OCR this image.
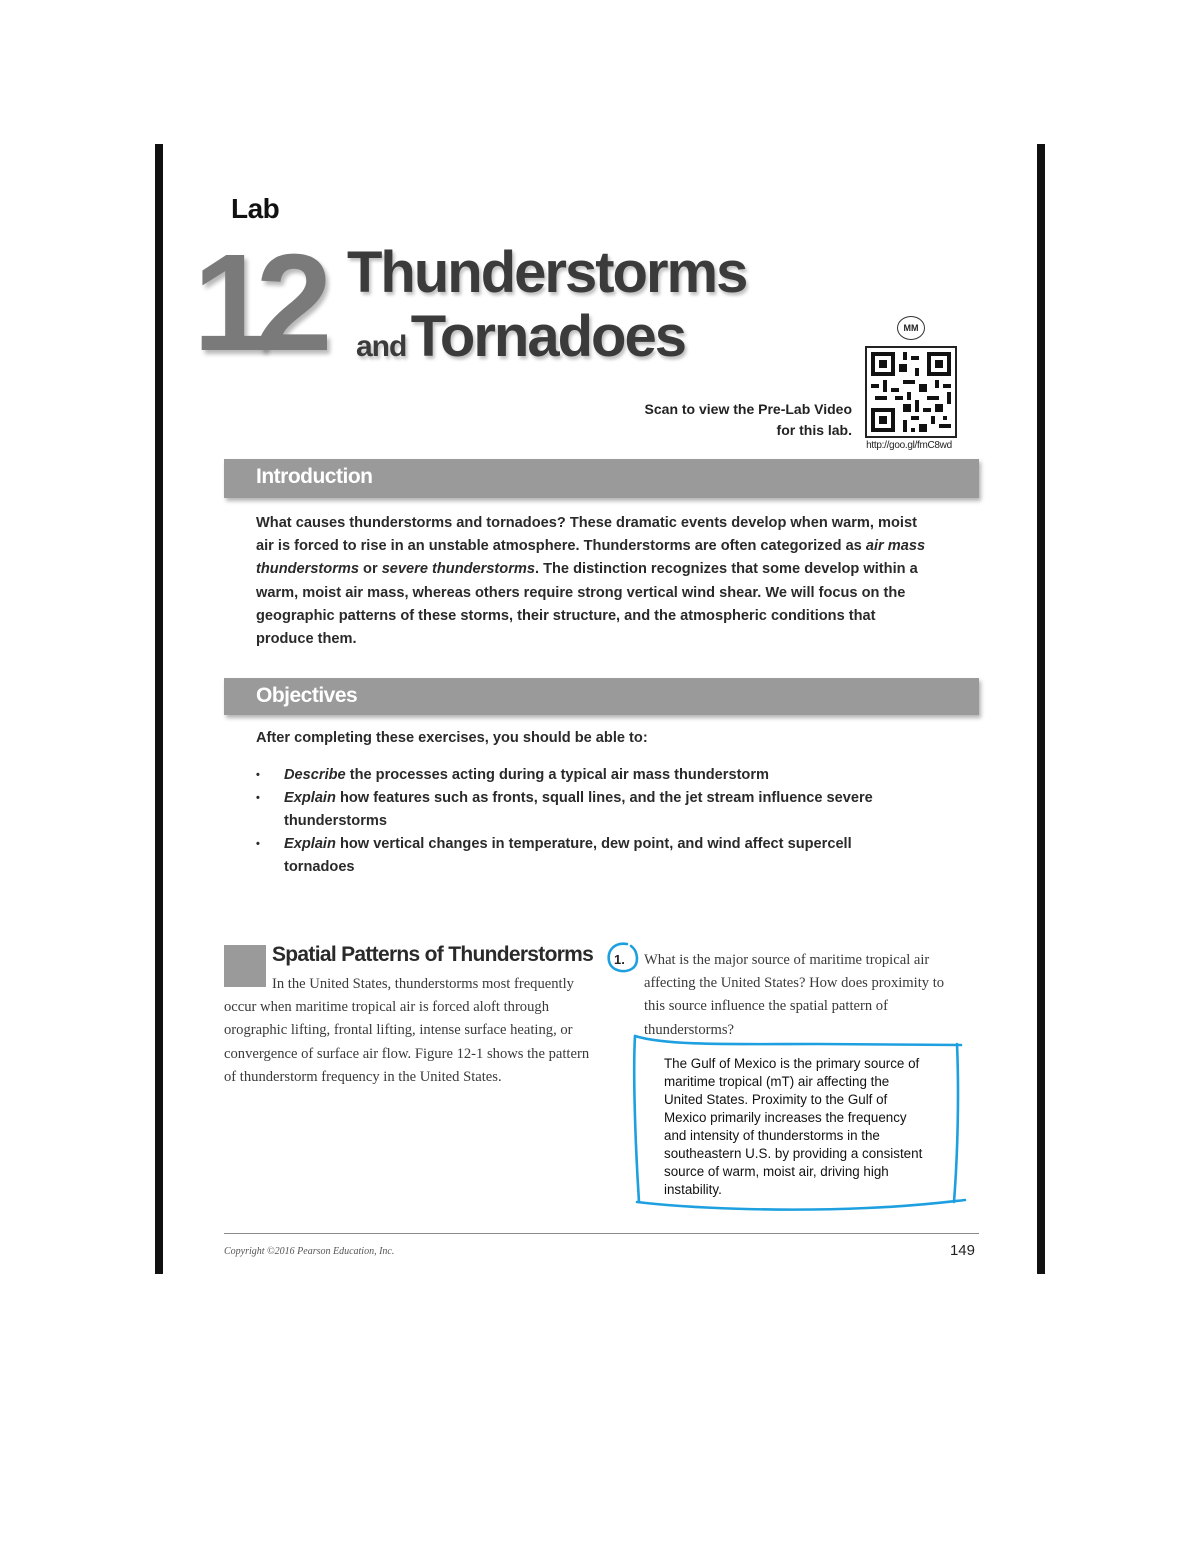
Lab
12 Thunderstorms
and Tornadoes	MM
http://goo.gl/fmC8wd
Scan to view the Pre-Lab Video
for this lab.
Introduction
What causes thunderstorms and tornadoes? These dramatic events develop when warm, moist air is forced to rise in an unstable atmosphere. Thunderstorms are often categorized as air mass thunderstorms or severe thunderstorms. The distinction recognizes that some develop within a warm, moist air mass, whereas others require strong vertical wind shear. We will focus on the geographic patterns of these storms, their structure, and the atmospheric conditions that produce them.
Objectives
After completing these exercises, you should be able to:
• Describe the processes acting during a typical air mass thunderstorm
• Explain how features such as fronts, squall lines, and the jet stream influence severe thunderstorms
• Explain how vertical changes in temperature, dew point, and wind affect supercell tornadoes
Spatial Patterns of Thunderstorms
In the United States, thunderstorms most frequently occur when maritime tropical air is forced aloft through orographic lifting, frontal lifting, intense surface heating, or convergence of surface air flow. Figure 12-1 shows the pattern of thunderstorm frequency in the United States.
1. What is the major source of maritime tropical air affecting the United States? How does proximity to this source influence the spatial pattern of thunderstorms?
The Gulf of Mexico is the primary source of maritime tropical (mT) air affecting the United States. Proximity to the Gulf of Mexico primarily increases the frequency and intensity of thunderstorms in the southeastern U.S. by providing a consistent source of warm, moist air, driving high instability.
Copyright ©2016 Pearson Education, Inc.	149
